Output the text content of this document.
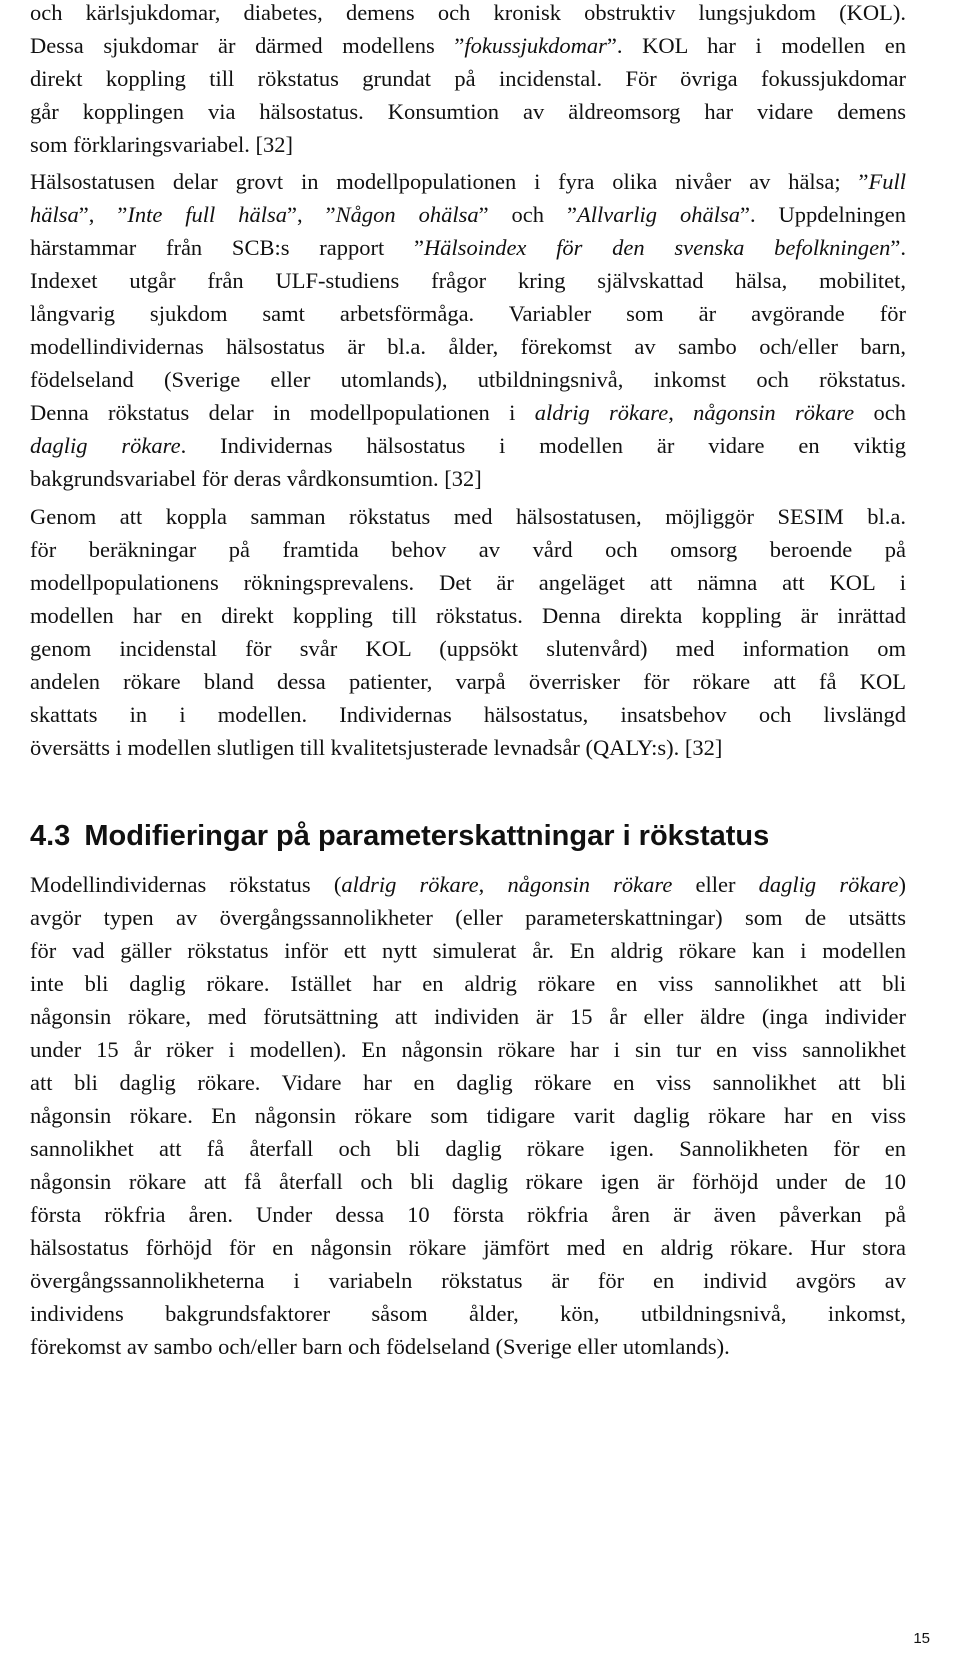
och kärlsjukdomar, diabetes, demens och kronisk obstruktiv lungsjukdom (KOL).
Dessa sjukdomar är därmed modellens ”fokussjukdomar”. KOL har i modellen en
direkt koppling till rökstatus grundat på incidenstal. För övriga fokussjukdomar
går kopplingen via hälsostatus. Konsumtion av äldreomsorg har vidare demens
som förklaringsvariabel. [32]
Hälsostatusen delar grovt in modellpopulationen i fyra olika nivåer av hälsa; ”Full
hälsa”, ”Inte full hälsa”, ”Någon ohälsa” och ”Allvarlig ohälsa”. Uppdelningen
härstammar från SCB:s rapport ”Hälsoindex för den svenska befolkningen”.
Indexet utgår från ULF-studiens frågor kring självskattad hälsa, mobilitet,
långvarig sjukdom samt arbetsförmåga. Variabler som är avgörande för
modellindividernas hälsostatus är bl.a. ålder, förekomst av sambo och/eller barn,
födelseland (Sverige eller utomlands), utbildningsnivå, inkomst och rökstatus.
Denna rökstatus delar in modellpopulationen i aldrig rökare, någonsin rökare och
daglig rökare. Individernas hälsostatus i modellen är vidare en viktig
bakgrundsvariabel för deras vårdkonsumtion. [32]
Genom att koppla samman rökstatus med hälsostatusen, möjliggör SESIM bl.a.
för beräkningar på framtida behov av vård och omsorg beroende på
modellpopulationens rökningsprevalens. Det är angeläget att nämna att KOL i
modellen har en direkt koppling till rökstatus. Denna direkta koppling är inrättad
genom incidenstal för svår KOL (uppsökt slutenvård) med information om
andelen rökare bland dessa patienter, varpå överrisker för rökare att få KOL
skattats in i modellen. Individernas hälsostatus, insatsbehov och livslängd
översätts i modellen slutligen till kvalitetsjusterade levnadsår (QALY:s). [32]
4.3 Modifieringar på parameterskattningar i rökstatus
Modellindividernas rökstatus (aldrig rökare, någonsin rökare eller daglig rökare)
avgör typen av övergångssannolikheter (eller parameterskattningar) som de utsätts
för vad gäller rökstatus inför ett nytt simulerat år. En aldrig rökare kan i modellen
inte bli daglig rökare. Istället har en aldrig rökare en viss sannolikhet att bli
någonsin rökare, med förutsättning att individen är 15 år eller äldre (inga individer
under 15 år röker i modellen). En någonsin rökare har i sin tur en viss sannolikhet
att bli daglig rökare. Vidare har en daglig rökare en viss sannolikhet att bli
någonsin rökare. En någonsin rökare som tidigare varit daglig rökare har en viss
sannolikhet att få återfall och bli daglig rökare igen. Sannolikheten för en
någonsin rökare att få återfall och bli daglig rökare igen är förhöjd under de 10
första rökfria åren. Under dessa 10 första rökfria åren är även påverkan på
hälsostatus förhöjd för en någonsin rökare jämfört med en aldrig rökare. Hur stora
övergångssannolikheterna i variabeln rökstatus är för en individ avgörs av
individens bakgrundsfaktorer såsom ålder, kön, utbildningsnivå, inkomst,
förekomst av sambo och/eller barn och födelseland (Sverige eller utomlands).
15
